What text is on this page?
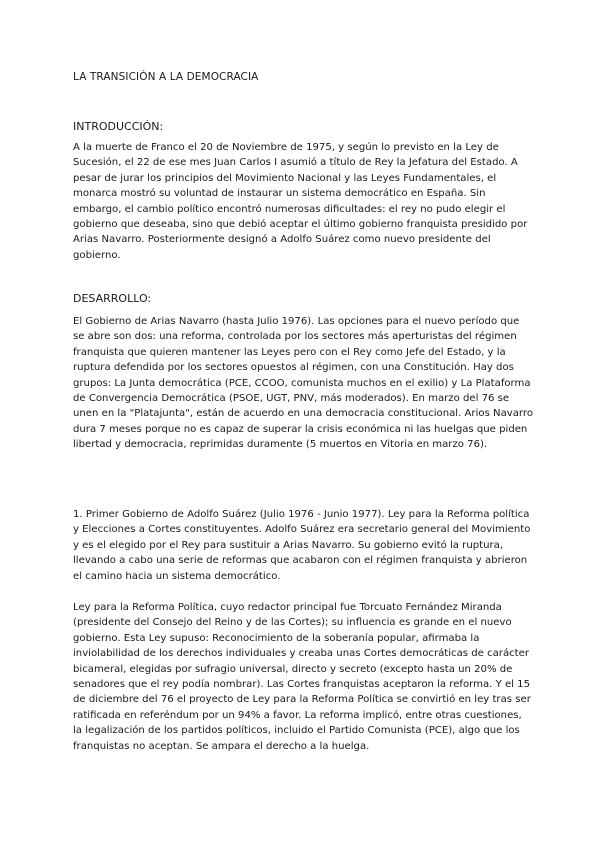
LA TRANSICIÓN A LA DEMOCRACIA
INTRODUCCIÓN:

A la muerte de Franco el 20 de Noviembre de 1975, y según lo previsto en la Ley de Sucesión, el 22 de ese mes Juan Carlos I asumió a título de Rey la Jefatura del Estado. A pesar de jurar los principios del Movimiento Nacional y las Leyes Fundamentales, el monarca mostró su voluntad de instaurar un sistema democrático en España. Sin embargo, el cambio político encontró numerosas dificultades: el rey no pudo elegir el gobierno que deseaba, sino que debió aceptar el último gobierno franquista presidido por Arias Navarro. Posteriormente designó a Adolfo Suárez como nuevo presidente del gobierno.

DESARROLLO:

El Gobierno de Arias Navarro (hasta Julio 1976). Las opciones para el nuevo período que se abre son dos: una reforma, controlada por los sectores más aperturistas del régimen franquista que quieren mantener las Leyes pero con el Rey como Jefe del Estado, y la ruptura defendida por los sectores opuestos al régimen, con una Constitución. Hay dos grupos: La Junta democrática (PCE, CCOO, comunista muchos en el exilio) y La Plataforma de Convergencia Democrática (PSOE, UGT, PNV, más moderados). En marzo del 76 se unen en la "Platajunta", están de acuerdo en una democracia constitucional. Arios Navarro dura 7 meses porque no es capaz de superar la crisis económica ni las huelgas que piden libertad y democracia, reprimidas duramente (5 muertos en Vitoria en marzo 76).

1. Primer Gobierno de Adolfo Suárez (Julio 1976 - Junio 1977). Ley para la Reforma política y Elecciones a Cortes constituyentes. Adolfo Suárez era secretario general del Movimiento y es el elegido por el Rey para sustituir a Arias Navarro. Su gobierno evitó la ruptura, llevando a cabo una serie de reformas que acabaron con el régimen franquista y abrieron el camino hacia un sistema democrático.

Ley para la Reforma Política, cuyo redactor principal fue Torcuato Fernández Miranda (presidente del Consejo del Reino y de las Cortes); su influencia es grande en el nuevo gobierno. Esta Ley supuso: Reconocimiento de la soberanía popular, afirmaba la inviolabilidad de los derechos individuales y creaba unas Cortes democráticas de carácter bicameral, elegidas por sufragio universal, directo y secreto (excepto hasta un 20% de senadores que el rey podía nombrar). Las Cortes franquistas aceptaron la reforma. Y el 15 de diciembre del 76 el proyecto de Ley para la Reforma Política se convirtió en ley tras ser ratificada en referéndum por un 94% a favor. La reforma implicó, entre otras cuestiones, la legalización de los partidos políticos, incluido el Partido Comunista (PCE), algo que los franquistas no aceptan. Se ampara el derecho a la huelga.
